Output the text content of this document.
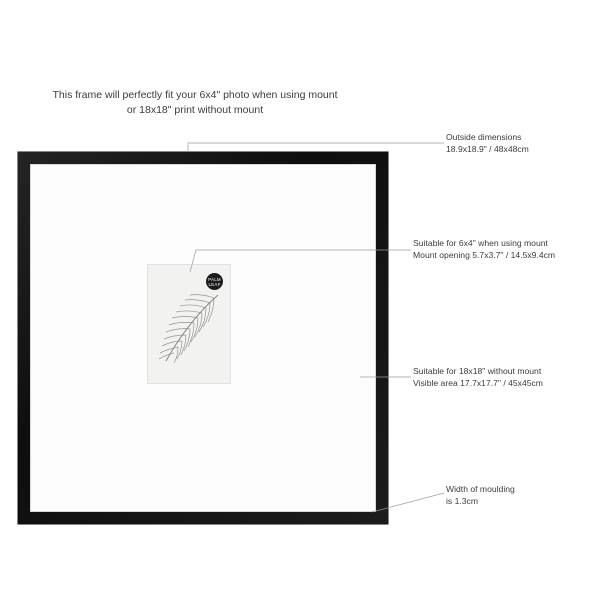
This frame will perfectly fit your 6x4" photo when using mount
or 18x18" print without mount
PALM
LEAF
Outside dimensions
18.9x18.9" / 48x48cm
Suitable for 6x4" when using mount
Mount opening 5.7x3.7" / 14.5x9.4cm
Suitable for 18x18" without mount
Visible area 17.7x17.7" / 45x45cm
Width of moulding
is 1.3cm
